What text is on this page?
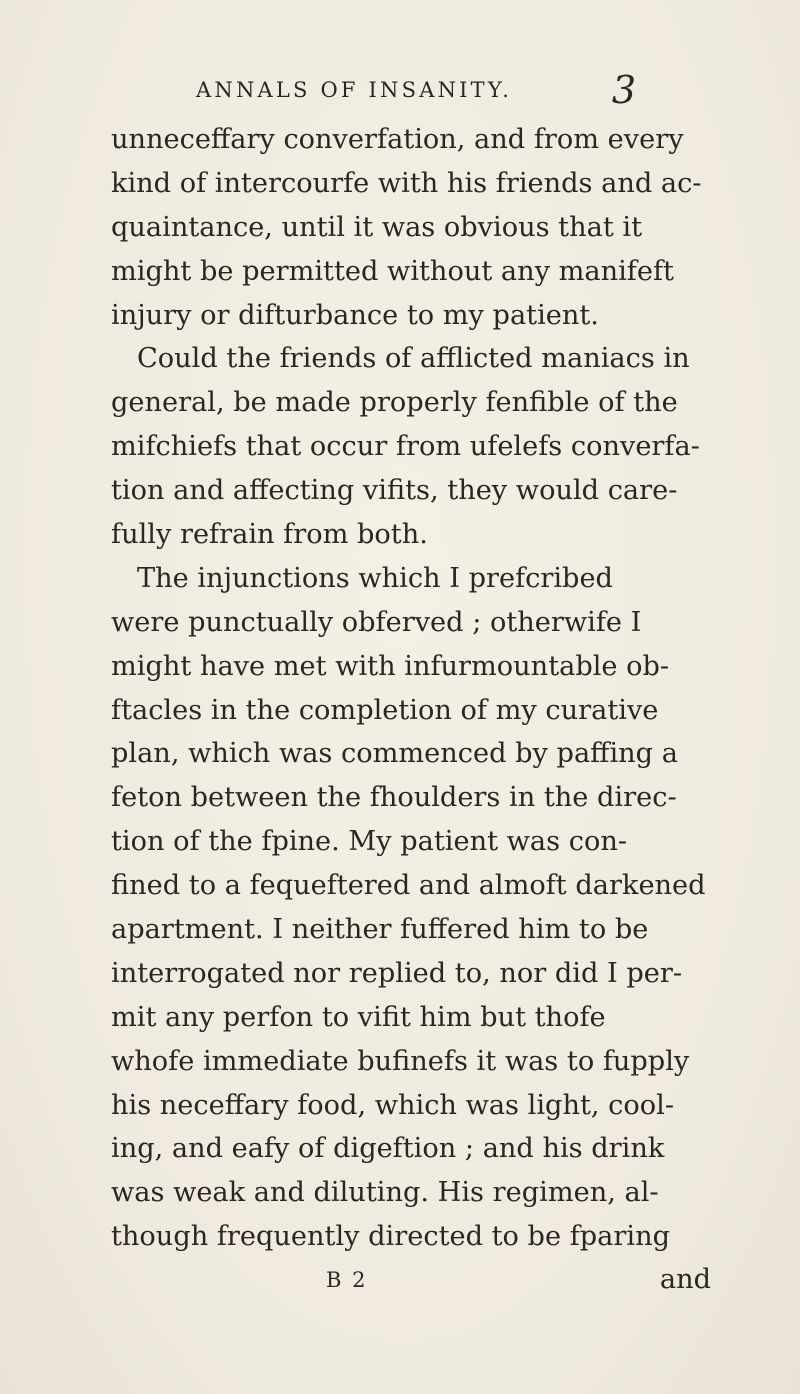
ANNALS OF INSANITY.	3
unneceffary converfation, and from every
kind of intercourfe with his friends and ac-
quaintance, until it was obvious that it
might be permitted without any manifeft
injury or difturbance to my patient.
Could the friends of afflicted maniacs in
general, be made properly fenfible of the
mifchiefs that occur from ufelefs converfa-
tion and affecting vifits, they would care-
fully refrain from both.
The injunctions which I prefcribed
were punctually obferved ; otherwife I
might have met with infurmountable ob-
ftacles in the completion of my curative
plan, which was commenced by paffing a
feton between the fhoulders in the direc-
tion of the fpine. My patient was con-
fined to a fequeftered and almoft darkened
apartment. I neither fuffered him to be
interrogated nor replied to, nor did I per-
mit any perfon to vifit him but thofe
whofe immediate bufinefs it was to fupply
his neceffary food, which was light, cool-
ing, and eafy of digeftion ; and his drink
was weak and diluting. His regimen, al-
though frequently directed to be fparing
B 2	and
